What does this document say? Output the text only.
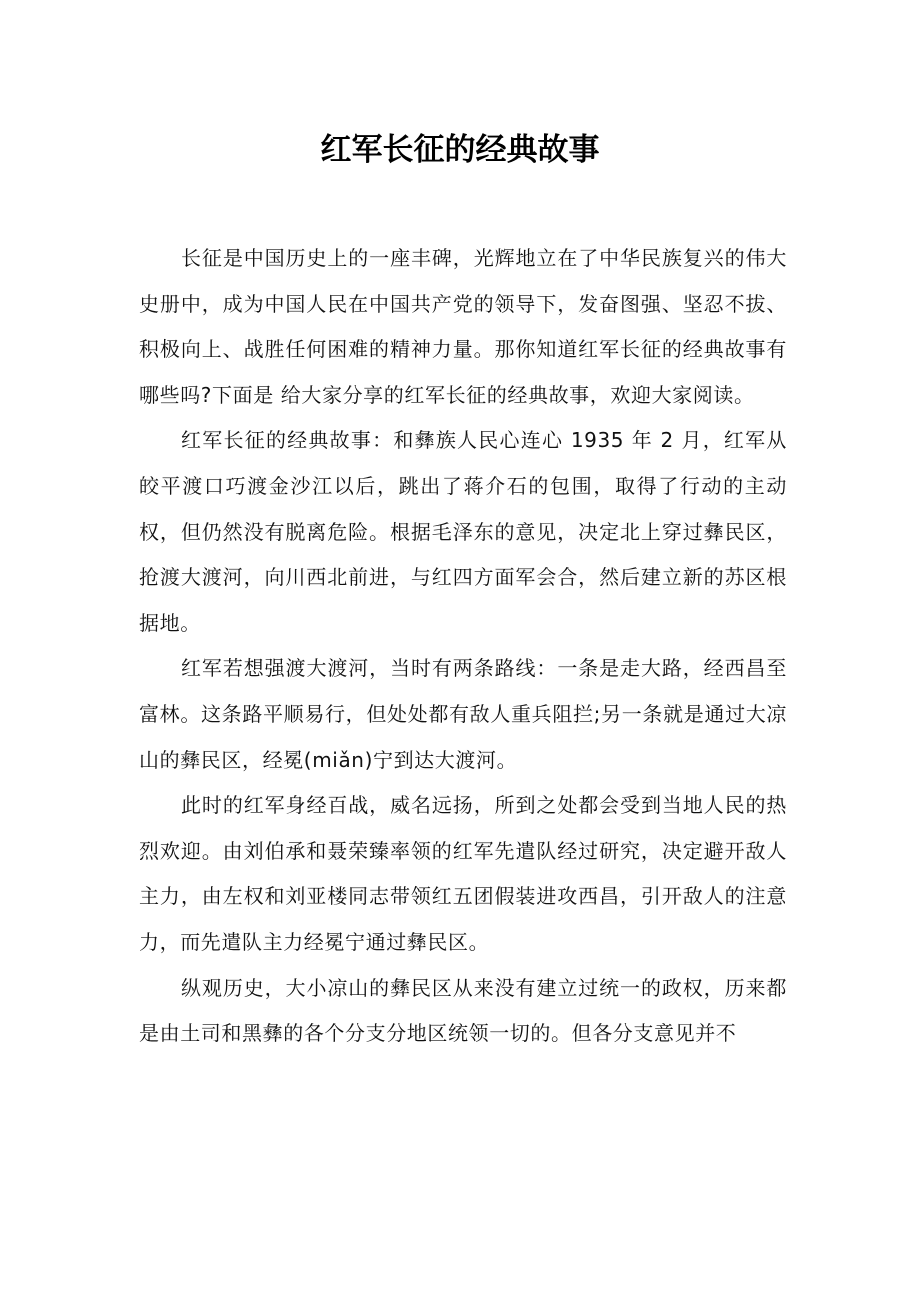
红军长征的经典故事

长征是中国历史上的一座丰碑，光辉地立在了中华民族复兴的伟大史册中，成为中国人民在中国共产党的领导下，发奋图强、坚忍不拔、积极向上、战胜任何困难的精神力量。那你知道红军长征的经典故事有哪些吗?下面是 给大家分享的红军长征的经典故事，欢迎大家阅读。

红军长征的经典故事：和彝族人民心连心 1935 年 2 月，红军从皎平渡口巧渡金沙江以后，跳出了蒋介石的包围，取得了行动的主动权，但仍然没有脱离危险。根据毛泽东的意见，决定北上穿过彝民区，抢渡大渡河，向川西北前进，与红四方面军会合，然后建立新的苏区根据地。

红军若想强渡大渡河，当时有两条路线：一条是走大路，经西昌至富林。这条路平顺易行，但处处都有敌人重兵阻拦;另一条就是通过大凉山的彝民区，经冕(miǎn)宁到达大渡河。

此时的红军身经百战，威名远扬，所到之处都会受到当地人民的热烈欢迎。由刘伯承和聂荣臻率领的红军先遣队经过研究，决定避开敌人主力，由左权和刘亚楼同志带领红五团假装进攻西昌，引开敌人的注意力，而先遣队主力经冕宁通过彝民区。

纵观历史，大小凉山的彝民区从来没有建立过统一的政权，历来都是由土司和黑彝的各个分支分地区统领一切的。但各分支意见并不
